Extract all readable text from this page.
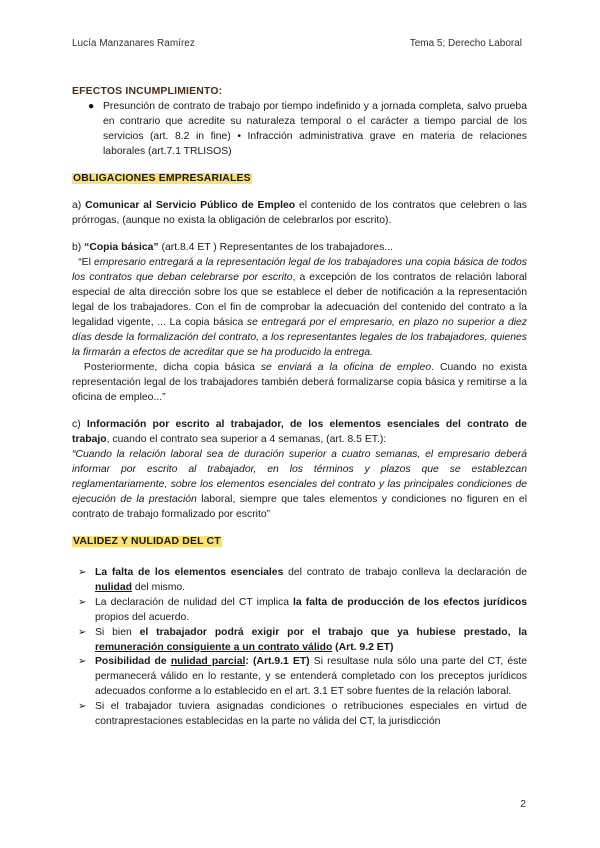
Lucía Manzanares Ramírez	Tema 5; Derecho Laboral
EFECTOS INCUMPLIMIENTO:
● Presunción de contrato de trabajo por tiempo indefinido y a jornada completa, salvo prueba en contrario que acredite su naturaleza temporal o el carácter a tiempo parcial de los servicios (art. 8.2 in fine) • Infracción administrativa grave en materia de relaciones laborales (art.7.1 TRLISOS)
OBLIGACIONES EMPRESARIALES

a) Comunicar al Servicio Público de Empleo el contenido de los contratos que celebren o las prórrogas, (aunque no exista la obligación de celebrarlos por escrito).

b) “Copia básica” (art.8.4 ET ) Representantes de los trabajadores...

“El empresario entregará a la representación legal de los trabajadores una copia básica de todos los contratos que deban celebrarse por escrito, a excepción de los contratos de relación laboral especial de alta dirección sobre los que se establece el deber de notificación a la representación legal de los trabajadores. Con el fin de comprobar la adecuación del contenido del contrato a la legalidad vigente, ... La copia básica se entregará por el empresario, en plazo no superior a diez días desde la formalización del contrato, a los representantes legales de los trabajadores, quienes la firmarán a efectos de acreditar que se ha producido la entrega.

Posteriormente, dicha copia básica se enviará a la oficina de empleo. Cuando no exista representación legal de los trabajadores también deberá formalizarse copia básica y remitirse a la oficina de empleo...”

c) Información por escrito al trabajador, de los elementos esenciales del contrato de trabajo, cuando el contrato sea superior a 4 semanas, (art. 8.5 ET.):

“Cuando la relación laboral sea de duración superior a cuatro semanas, el empresario deberá informar por escrito al trabajador, en los términos y plazos que se establezcan reglamentariamente, sobre los elementos esenciales del contrato y las principales condiciones de ejecución de la prestación laboral, siempre que tales elementos y condiciones no figuren en el contrato de trabajo formalizado por escrito”

VALIDEZ Y NULIDAD DEL CT
➢ La falta de los elementos esenciales del contrato de trabajo conlleva la declaración de nulidad del mismo.
➢ La declaración de nulidad del CT implica la falta de producción de los efectos jurídicos propios del acuerdo.
➢ Si bien el trabajador podrá exigir por el trabajo que ya hubiese prestado, la remuneración consiguiente a un contrato válido (Art. 9.2 ET)
➢ Posibilidad de nulidad parcial: (Art.9.1 ET) Si resultase nula sólo una parte del CT, éste permanecerá válido en lo restante, y se entenderá completado con los preceptos jurídicos adecuados conforme a lo establecido en el art. 3.1 ET sobre fuentes de la relación laboral.
➢ Si el trabajador tuviera asignadas condiciones o retribuciones especiales en virtud de contraprestaciones establecidas en la parte no válida del CT, la jurisdicción
2
